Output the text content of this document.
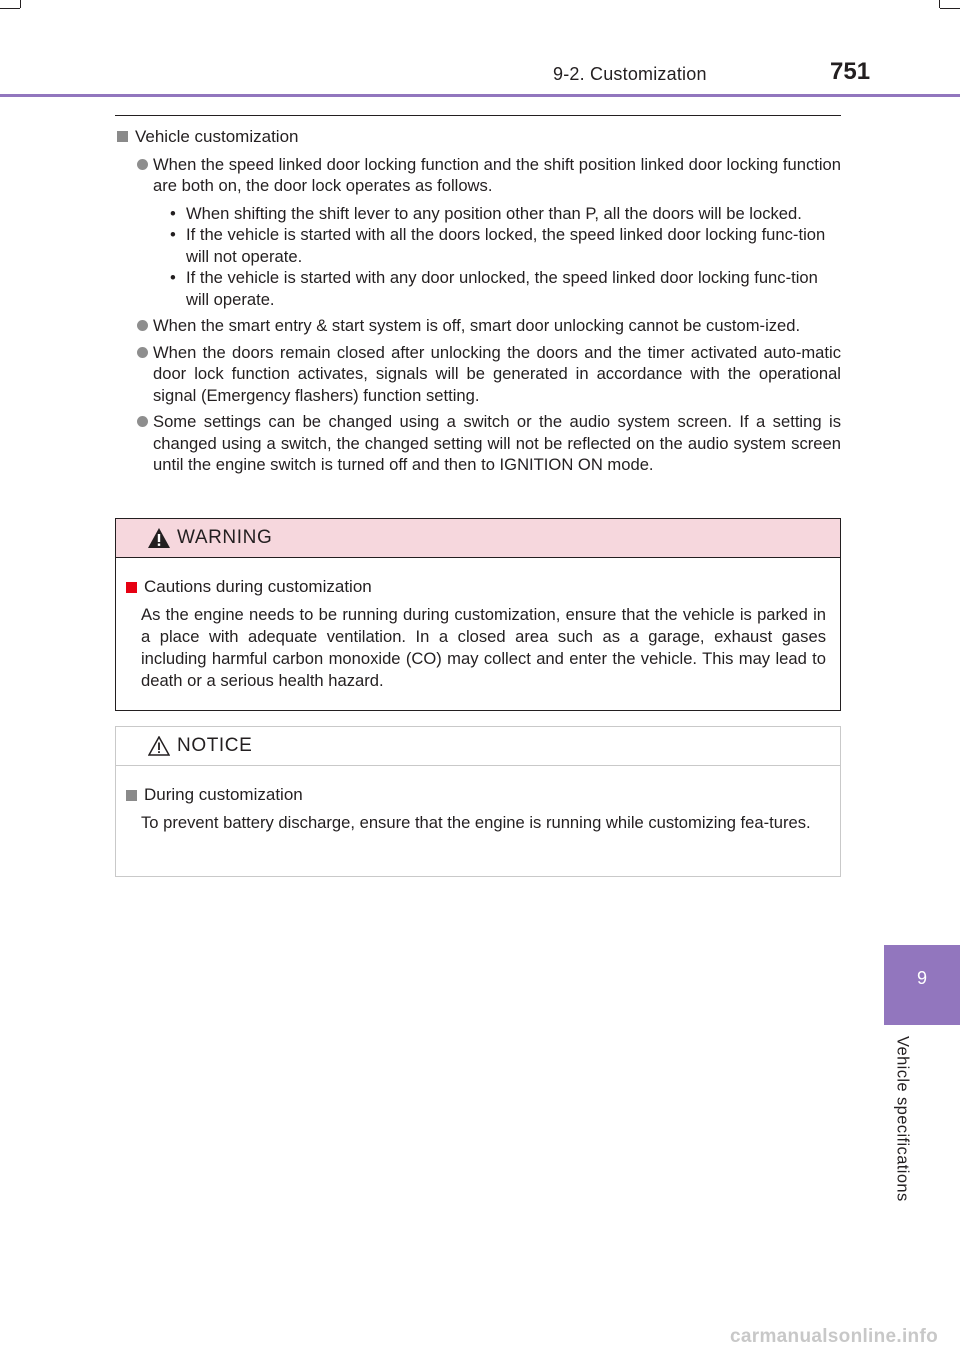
9-2. Customization	751
Vehicle customization
When the speed linked door locking function and the shift position linked door locking function are both on, the door lock operates as follows.
• When shifting the shift lever to any position other than P, all the doors will be locked.
• If the vehicle is started with all the doors locked, the speed linked door locking func-tion will not operate.
• If the vehicle is started with any door unlocked, the speed linked door locking func-tion will operate.
When the smart entry & start system is off, smart door unlocking cannot be custom-ized.
When the doors remain closed after unlocking the doors and the timer activated auto-matic door lock function activates, signals will be generated in accordance with the operational signal (Emergency flashers) function setting.
Some settings can be changed using a switch or the audio system screen. If a setting is changed using a switch, the changed setting will not be reflected on the audio system screen until the engine switch is turned off and then to IGNITION ON mode.
WARNING
Cautions during customization
As the engine needs to be running during customization, ensure that the vehicle is parked in a place with adequate ventilation. In a closed area such as a garage, exhaust gases including harmful carbon monoxide (CO) may collect and enter the vehicle. This may lead to death or a serious health hazard.
NOTICE
During customization
To prevent battery discharge, ensure that the engine is running while customizing fea-tures.
9
Vehicle specifications
carmanualsonline.info
